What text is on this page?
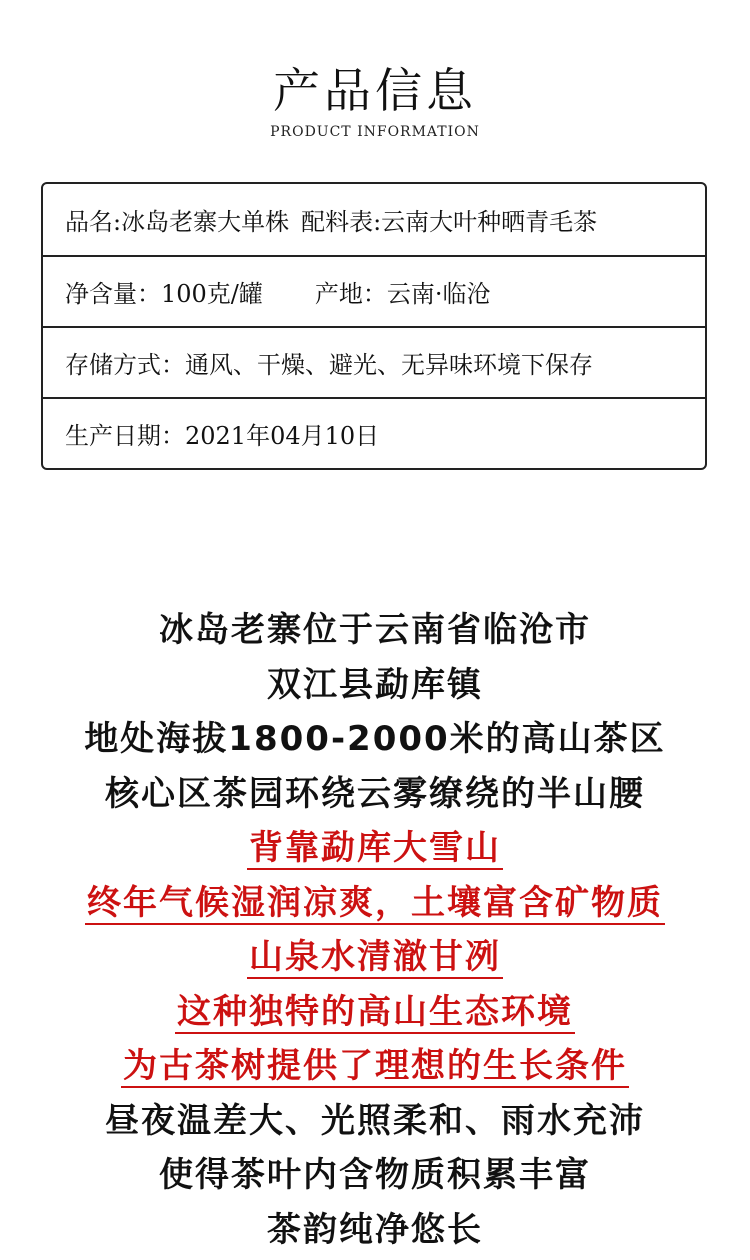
产品信息
PRODUCT INFORMATION
品名:冰岛老寨大单株 配料表:云南大叶种晒青毛茶
净含量：100克/罐 产地：云南·临沧
存储方式：通风、干燥、避光、无异味环境下保存
生产日期：2021年04月10日
冰岛老寨位于云南省临沧市
双江县勐库镇
地处海拔1800-2000米的高山茶区
核心区茶园环绕云雾缭绕的半山腰
背靠勐库大雪山
终年气候湿润凉爽，土壤富含矿物质
山泉水清澈甘冽
这种独特的高山生态环境
为古茶树提供了理想的生长条件
昼夜温差大、光照柔和、雨水充沛
使得茶叶内含物质积累丰富
茶韵纯净悠长
